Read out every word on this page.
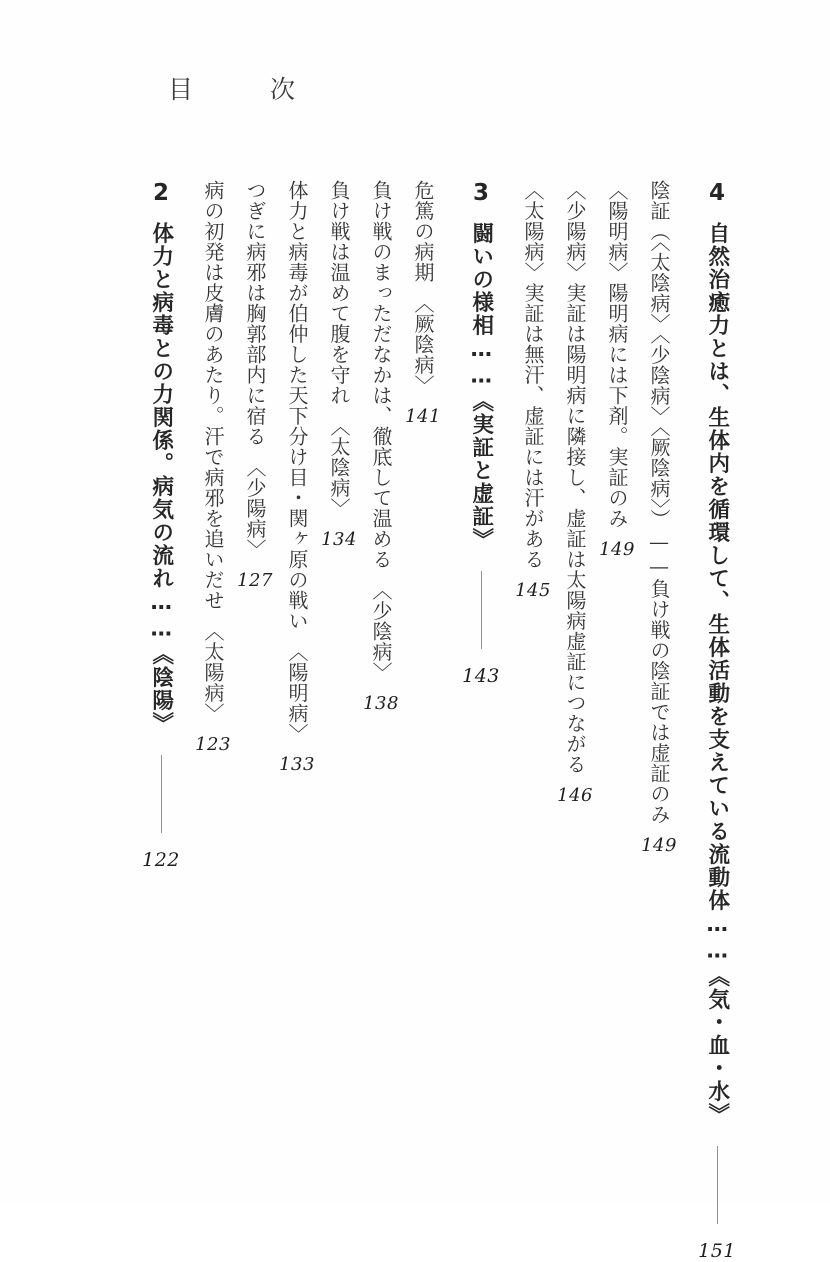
目　次
2
体力と病毒との力関係。病気の流れ……《陰陽》
122
病の初発は皮膚のあたり。汗で病邪を追いだせ　〈太陽病〉
123
つぎに病邪は胸郭部内に宿る　〈少陽病〉
127 体力と病毒が伯仲した天下分け目・関ヶ原の戦い　〈陽明病〉
133
負け戦は温めて腹を守れ　〈太陰病〉
134 負け戦のまっただなかは、徹底して温める　〈少陰病〉
138
危篤の病期　〈厥陰病〉
141
3
闘いの様相……《実証と虚証》
143
〈太陽病〉実証は無汗、虚証には汗がある
145 〈少陽病〉実証は陽明病に隣接し、虚証は太陽病虚証につながる
146
〈陽明病〉陽明病には下剤。実証のみ
149 陰証（〈太陰病〉〈少陰病〉〈厥陰病〉）——負け戦の陰証では虚証のみ
149
4
自然治癒力とは、生体内を循環して、生体活動を支えている流動体……《気・血・水》
151
